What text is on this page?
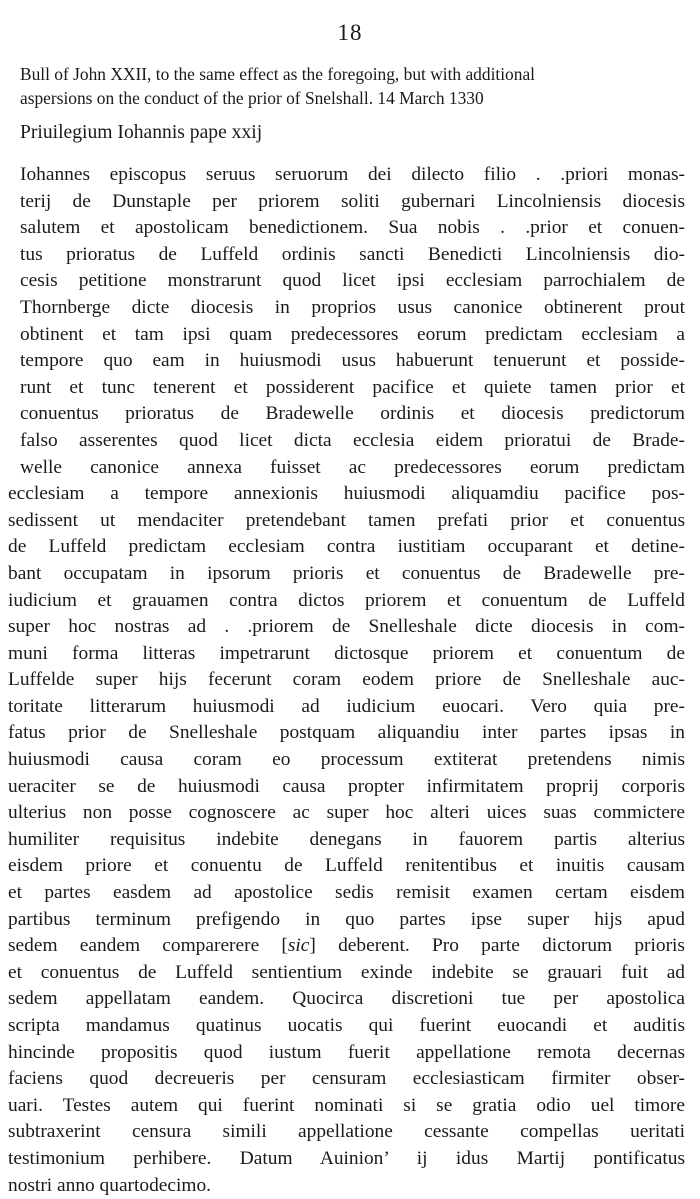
18

Bull of John XXII, to the same effect as the foregoing, but with additional
aspersions on the conduct of the prior of Snelshall. 14 March 1330

Priuilegium Iohannis pape xxij

Iohannes episcopus seruus seruorum dei dilecto filio . .priori monas-
terij de Dunstaple per priorem soliti gubernari Lincolniensis diocesis
salutem et apostolicam benedictionem. Sua nobis . .prior et conuen-
tus prioratus de Luffeld ordinis sancti Benedicti Lincolniensis dio-
cesis petitione monstrarunt quod licet ipsi ecclesiam parrochialem de
Thornberge dicte diocesis in proprios usus canonice obtinerent prout
obtinent et tam ipsi quam predecessores eorum predictam ecclesiam a
tempore quo eam in huiusmodi usus habuerunt tenuerunt et posside-
runt et tunc tenerent et possiderent pacifice et quiete tamen prior et
conuentus prioratus de Bradewelle ordinis et diocesis predictorum
falso asserentes quod licet dicta ecclesia eidem prioratui de Brade-
welle canonice annexa fuisset ac predecessores eorum predictam
ecclesiam a tempore annexionis huiusmodi aliquamdiu pacifice pos-
sedissent ut mendaciter pretendebant tamen prefati prior et conuentus
de Luffeld predictam ecclesiam contra iustitiam occuparant et detine-
bant occupatam in ipsorum prioris et conuentus de Bradewelle pre-
iudicium et grauamen contra dictos priorem et conuentum de Luffeld
super hoc nostras ad . .priorem de Snelleshale dicte diocesis in com-
muni forma litteras impetrarunt dictosque priorem et conuentum de
Luffelde super hijs fecerunt coram eodem priore de Snelleshale auc-
toritate litterarum huiusmodi ad iudicium euocari. Vero quia pre-
fatus prior de Snelleshale postquam aliquandiu inter partes ipsas in
huiusmodi causa coram eo processum extiterat pretendens nimis
ueraciter se de huiusmodi causa propter infirmitatem proprij corporis
ulterius non posse cognoscere ac super hoc alteri uices suas commictere
humiliter requisitus indebite denegans in fauorem partis alterius
eisdem priore et conuentu de Luffeld renitentibus et inuitis causam
et partes easdem ad apostolice sedis remisit examen certam eisdem
partibus terminum prefigendo in quo partes ipse super hijs apud
sedem eandem comparerere [sic] deberent. Pro parte dictorum prioris
et conuentus de Luffeld sentientium exinde indebite se grauari fuit ad
sedem appellatam eandem. Quocirca discretioni tue per apostolica
scripta mandamus quatinus uocatis qui fuerint euocandi et auditis
hincinde propositis quod iustum fuerit appellatione remota decernas
faciens quod decreueris per censuram ecclesiasticam firmiter obser-
uari. Testes autem qui fuerint nominati si se gratia odio uel timore
subtraxerint censura simili appellatione cessante compellas ueritati
testimonium perhibere. Datum Auinion’ ij idus Martij pontificatus
nostri anno quartodecimo.
